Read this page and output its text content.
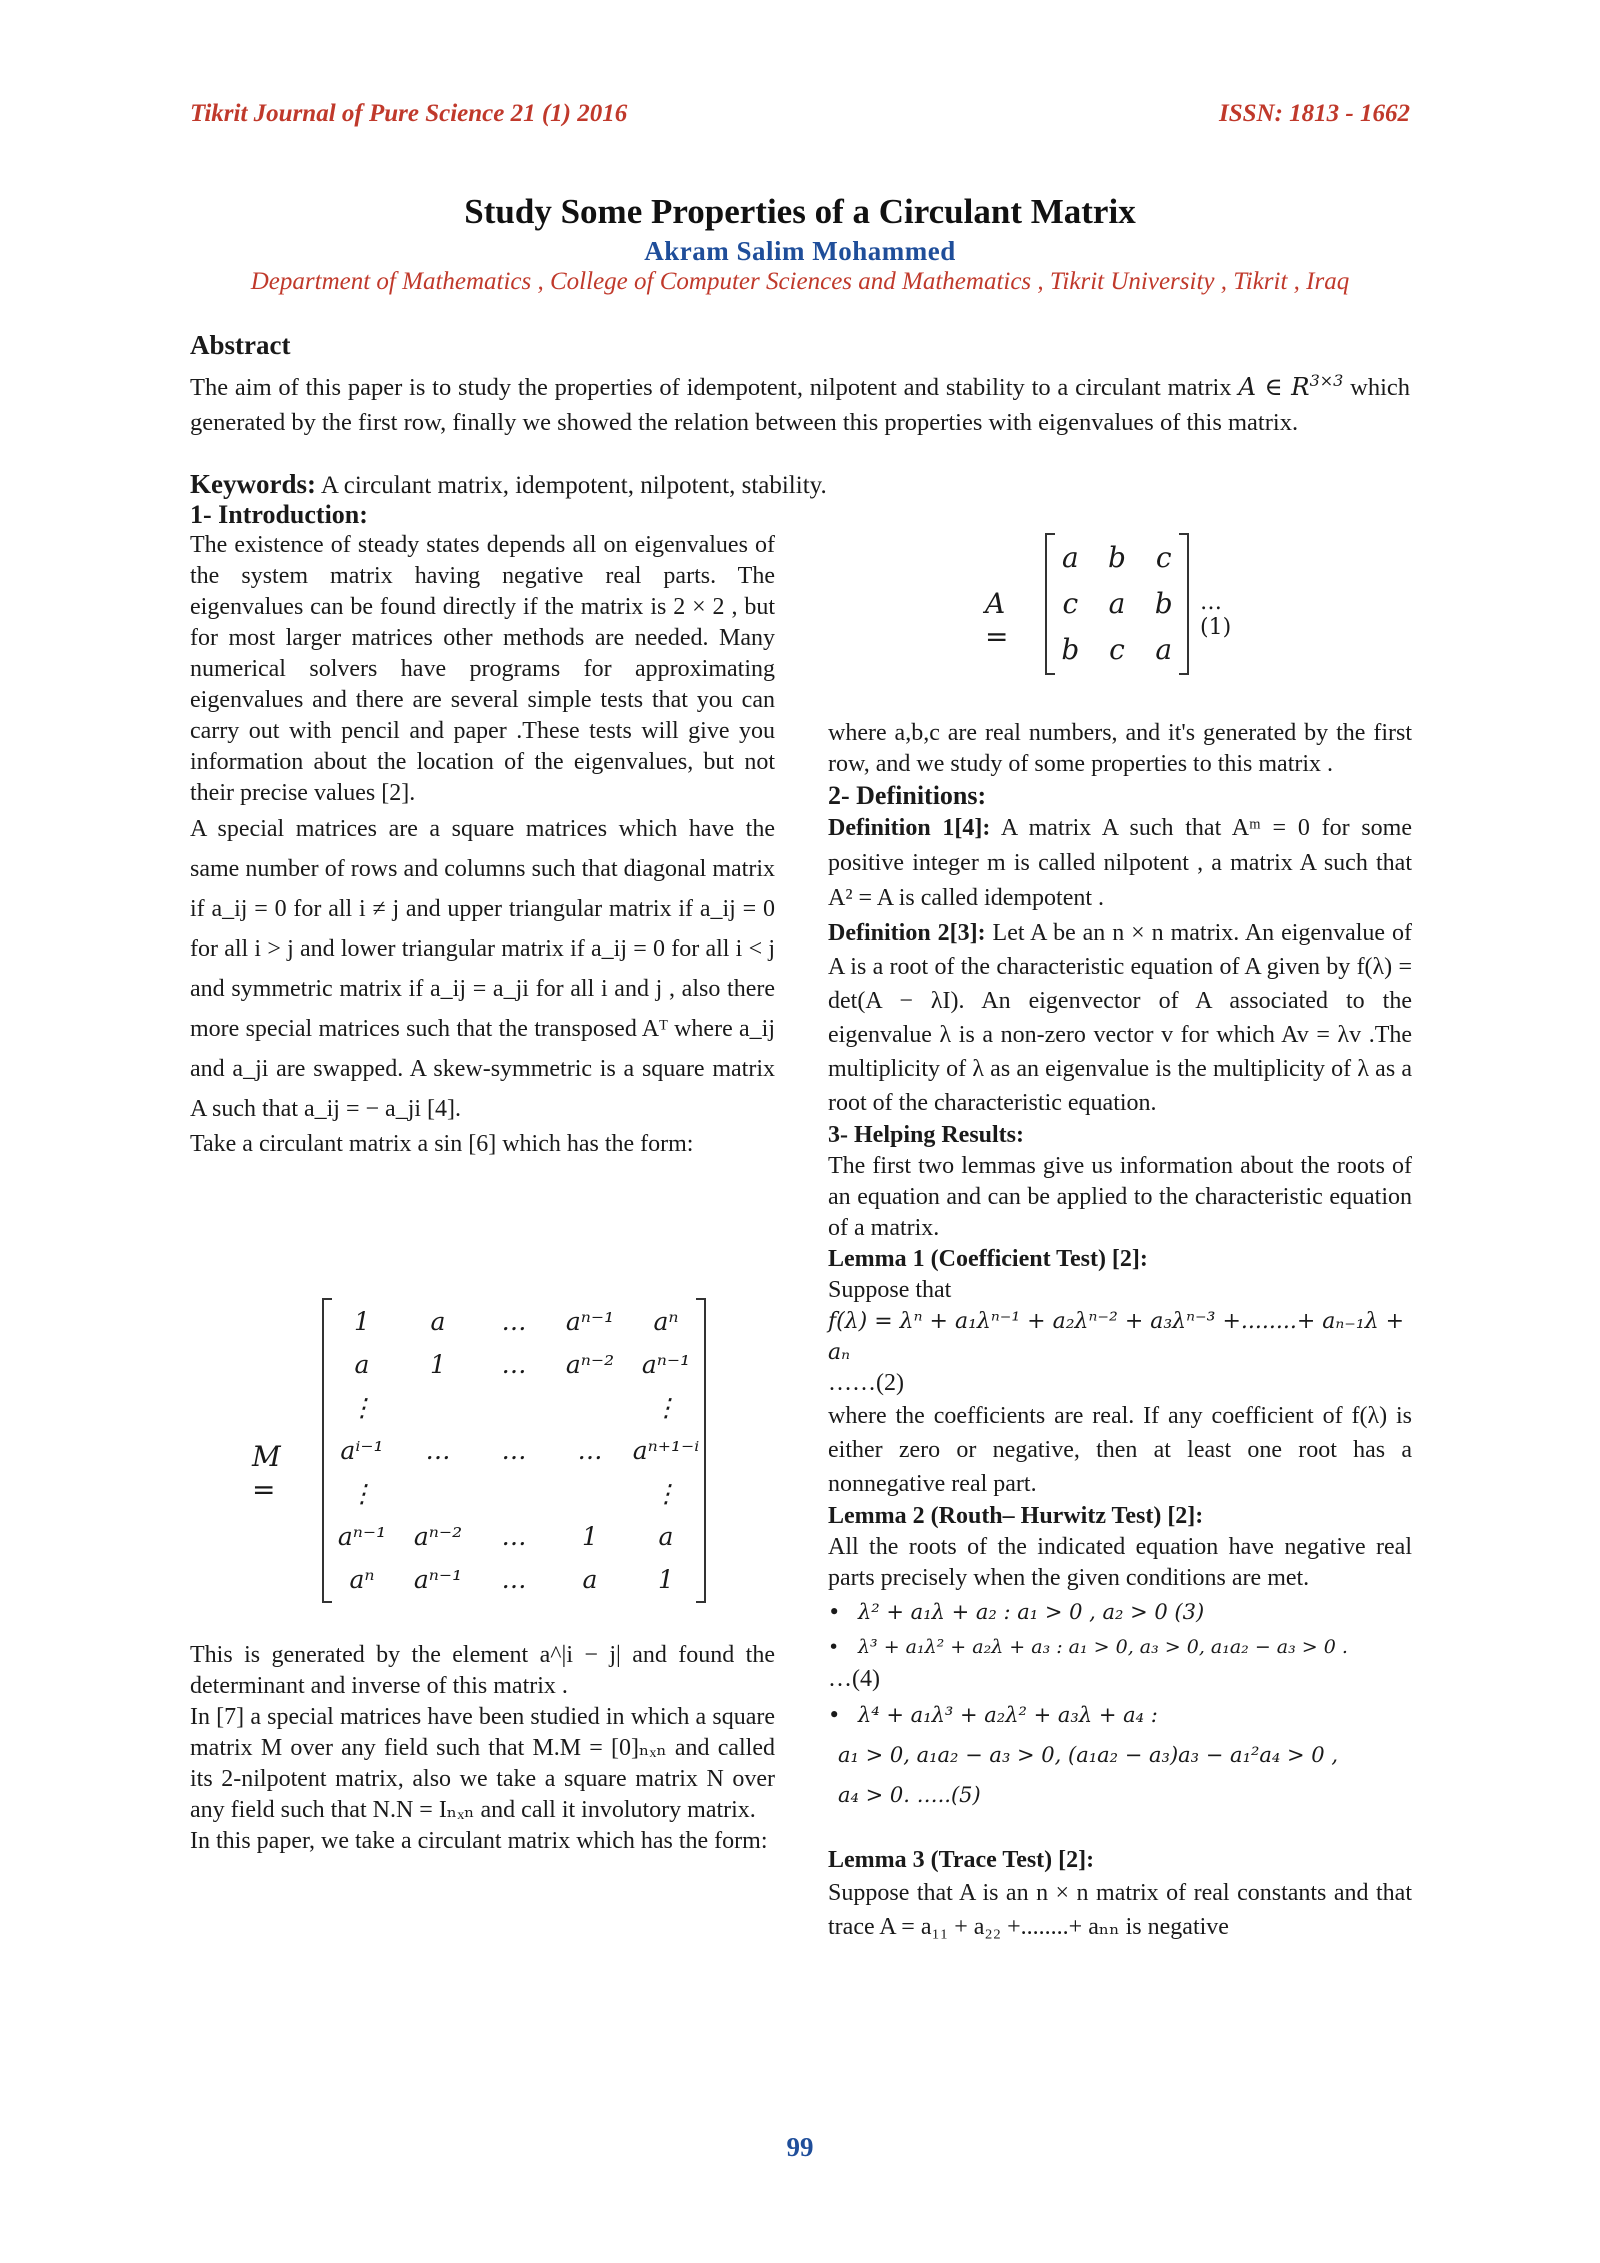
Tikrit Journal of Pure Science 21 (1) 2016	ISSN: 1813 - 1662
Study Some Properties of a Circulant Matrix
Akram Salim Mohammed
Department of Mathematics , College of Computer Sciences and Mathematics , Tikrit University , Tikrit , Iraq
Abstract
The aim of this paper is to study the properties of idempotent, nilpotent and stability to a circulant matrix A ∈ $R^{3\times 3}$ which generated by the first row, finally we showed the relation between this properties with eigenvalues of this matrix.
Keywords: A circulant matrix, idempotent, nilpotent, stability.
1- Introduction:

The existence of steady states depends all on eigenvalues of the system matrix having negative real parts. The eigenvalues can be found directly if the matrix is 2 × 2 , but for most larger matrices other methods are needed. Many numerical solvers have programs for approximating eigenvalues and there are several simple tests that you can carry out with pencil and paper .These tests will give you information about the location of the eigenvalues, but not their precise values [2].

A special matrices are a square matrices which have the same number of rows and columns such that diagonal matrix if a_ij = 0 for all i ≠ j and upper triangular matrix if a_ij = 0 for all i > j and lower triangular matrix if a_ij = 0 for all i < j and symmetric matrix if a_ij = a_ji for all i and j , also there more special matrices such that the transposed Aᵀ where a_ij and a_ji are swapped. A skew-symmetric is a square matrix A such that a_ij = − a_ji [4].

Take a circulant matrix a sin [6] which has the form:

M =
1	a	…	aⁿ⁻¹	aⁿ
a	1	…	aⁿ⁻²	aⁿ⁻¹
⋮	⋮
aⁱ⁻¹	…	…	…	aⁿ⁺¹⁻ⁱ
⋮	⋮
aⁿ⁻¹	aⁿ⁻²	…	1	a
aⁿ	aⁿ⁻¹	…	a	1

This is generated by the element a^|i − j| and found the determinant and inverse of this matrix .

In [7] a special matrices have been studied in which a square matrix M over any field such that M.M = [0]ₙₓₙ and called its 2-nilpotent matrix, also we take a square matrix N over any field such that N.N = Iₙₓₙ and call it involutory matrix.

In this paper, we take a circulant matrix which has the form:

A =
a	b	c
c	a	b
b	c	a
…(1)

where a,b,c are real numbers, and it's generated by the first row, and we study of some properties to this matrix .

2- Definitions:

Definition 1[4]: A matrix A such that Aᵐ = 0 for some positive integer m is called nilpotent , a matrix A such that A² = A is called idempotent .

Definition 2[3]: Let A be an n × n matrix. An eigenvalue of A is a root of the characteristic equation of A given by f(λ) = det(A − λI). An eigenvector of A associated to the eigenvalue λ is a non-zero vector v for which Av = λv .The multiplicity of λ as an eigenvalue is the multiplicity of λ as a root of the characteristic equation.

3- Helping Results:

The first two lemmas give us information about the roots of an equation and can be applied to the characteristic equation of a matrix.

Lemma 1 (Coefficient Test) [2]:

Suppose that

f(λ) = λⁿ + a₁λⁿ⁻¹ + a₂λⁿ⁻² + a₃λⁿ⁻³ +........+ aₙ₋₁λ + aₙ

……(2)

where the coefficients are real. If any coefficient of f(λ) is either zero or negative, then at least one root has a nonnegative real part.

Lemma 2 (Routh– Hurwitz Test) [2]:

All the roots of the indicated equation have negative real parts precisely when the given conditions are met.

• λ² + a₁λ + a₂ : a₁ > 0 , a₂ > 0 (3)
• λ³ + a₁λ² + a₂λ + a₃ : a₁ > 0, a₃ > 0, a₁a₂ − a₃ > 0 .

…(4)

• λ⁴ + a₁λ³ + a₂λ² + a₃λ + a₄ :

a₁ > 0, a₁a₂ − a₃ > 0, (a₁a₂ − a₃)a₃ − a₁²a₄ > 0 ,

a₄ > 0. …..(5)

Lemma 3 (Trace Test) [2]:

Suppose that A is an n × n matrix of real constants and that trace A = a₁₁ + a₂₂ +........+ aₙₙ is negative

99
